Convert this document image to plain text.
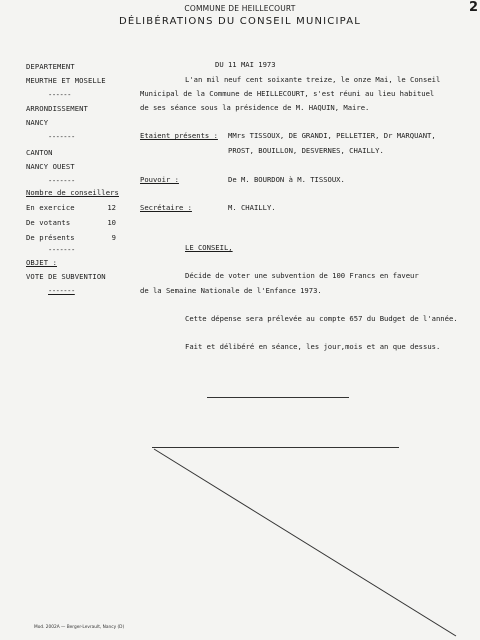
COMMUNE DE HEILLECOURT
DÉLIBÉRATIONS DU CONSEIL MUNICIPAL
2
DEPARTEMENT
MEURTHE ET MOSELLE
------
ARRONDISSEMENT
NANCY
-------
CANTON
NANCY OUEST
-------
Nombre de conseillers
En exercice	12
De votants	10
De présents	9
-------
OBJET :
VOTE DE SUBVENTION
-------
DU 11 MAI 1973
L'an mil neuf cent soixante treize, le onze Mai, le Conseil
Municipal de la Commune de HEILLECOURT, s'est réuni au lieu habituel
de ses séance sous la présidence de M. HAQUIN, Maire.
Etaient présents : MMrs TISSOUX, DE GRANDI, PELLETIER, Dr MARQUANT,
PROST, BOUILLON, DESVERNES, CHAILLY.
Pouvoir :	De M. BOURDON à M. TISSOUX.
Secrétaire :	M. CHAILLY.
LE CONSEIL,
Décide de voter une subvention de 100 Francs en faveur
de la Semaine Nationale de l'Enfance 1973.
Cette dépense sera prélevée au compte 657 du Budget de l'année.
Fait et délibéré en séance, les jour,mois et an que dessus.
Mod. 2002A — Berger-Levrault, Nancy (D)
